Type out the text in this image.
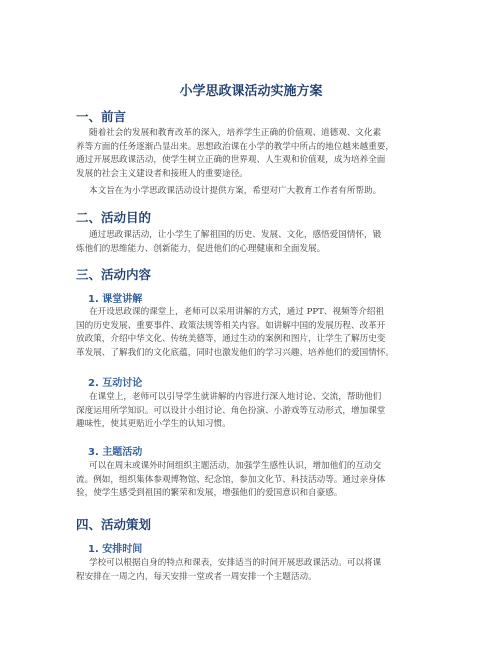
小学思政课活动实施方案
一、前言
随着社会的发展和教育改革的深入，培养学生正确的价值观、道德观、文化素
养等方面的任务逐渐凸显出来。思想政治课在小学的教学中所占的地位越来越重要，
通过开展思政课活动，使学生树立正确的世界观、人生观和价值观，成为培养全面
发展的社会主义建设者和接班人的重要途径。
本文旨在为小学思政课活动设计提供方案，希望对广大教育工作者有所帮助。
二、活动目的
通过思政课活动，让小学生了解祖国的历史、发展、文化，感悟爱国情怀，锻
炼他们的思维能力、创新能力，促进他们的心理健康和全面发展。
三、活动内容
1. 课堂讲解
在开设思政课的课堂上，老师可以采用讲解的方式，通过 PPT、视频等介绍祖
国的历史发展、重要事件、政策法规等相关内容。如讲解中国的发展历程、改革开
放政策，介绍中华文化、传统美德等，通过生动的案例和图片，让学生了解历史变
革发展、了解我们的文化底蕴，同时也激发他们的学习兴趣、培养他们的爱国情怀。
2. 互动讨论
在课堂上，老师可以引导学生就讲解的内容进行深入地讨论、交流，帮助他们
深度运用所学知识。可以设计小组讨论、角色扮演、小游戏等互动形式，增加课堂
趣味性，使其更贴近小学生的认知习惯。
3. 主题活动
可以在周末或课外时间组织主题活动，加强学生感性认识，增加他们的互动交
流。例如，组织集体参观博物馆、纪念馆，参加文化节、科技活动等。通过亲身体
验，使学生感受到祖国的繁荣和发展，增强他们的爱国意识和自豪感。
四、活动策划
1. 安排时间
学校可以根据自身的特点和课表，安排适当的时间开展思政课活动。可以将课
程安排在一周之内，每天安排一堂或者一周安排一个主题活动。
